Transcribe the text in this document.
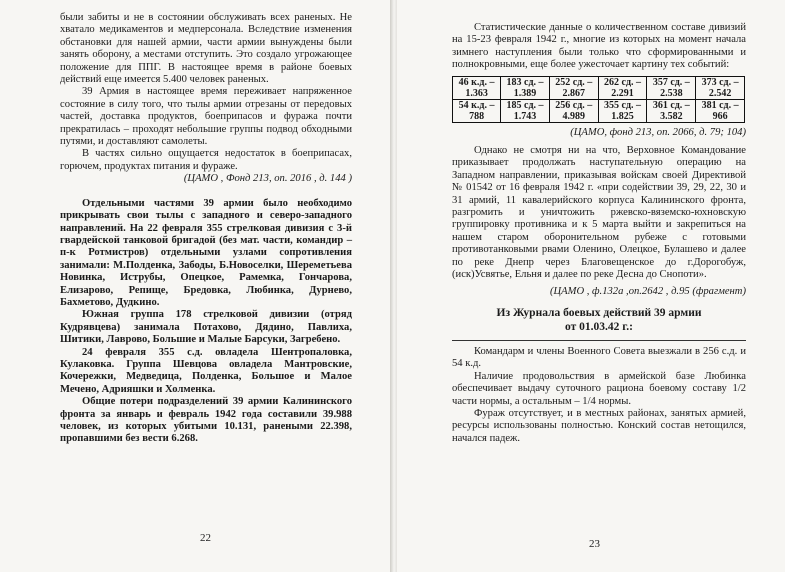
были забиты и не в состоянии обслуживать всех раненых. Не хватало медикаментов и медперсонала. Вследствие изменения обстановки для нашей армии, части армии вынуждены были занять оборону, а местами отступить. Это создало угрожающее положение для ППГ. В настоящее время в районе боевых действий еще имеется 5.400 человек раненых.

39 Армия в настоящее время переживает напряженное состояние в силу того, что тылы армии отрезаны от передовых частей, доставка продуктов, боеприпасов и фуража почти прекратилась – проходят небольшие группы подвод обходными путями, и доставляют самолеты.

В частях сильно ощущается недостаток в боеприпасах, горючем, продуктах питания и фураже.

(ЦАМО , Фонд 213, оп. 2016 , д. 144 )

Отдельными частями 39 армии было необходимо прикрывать свои тылы с западного и северо-западного направлений. На 22 февраля 355 стрелковая дивизия с 3-й гвардейской танковой бригадой (без мат. части, командир – п-к Ротмистров) отдельными узлами сопротивления занимали: М.Полденка, Забоды, Б.Новоселки, Шереметьева Новинка, Иструбы, Опецкое, Рамемка, Гончарова, Елизарово, Репище, Бредовка, Любинка, Дурнево, Бахметово, Дудкино.

Южная группа 178 стрелковой дивизии (отряд Кудрявцева) занимала Потахово, Дядино, Павлиха, Шитики, Лаврово, Большие и Малые Барсуки, Загребено.

24 февраля 355 с.д. овладела Шентропаловка, Кулаковка. Группа Шевцова овладела Мантровские, Кочережки, Медведица, Полденка, Большое и Малое Мечено, Адрияшки и Холменка.

Общие потери подразделений 39 армии Калининского фронта за январь и февраль 1942 года составили 39.988 человек, из которых убитыми 10.131, ранеными 22.398, пропавшими без вести 6.268.

22

Статистические данные о количественном составе дивизий на 15-23 февраля 1942 г., многие из которых на момент начала зимнего наступления были только что сформированными и полнокровными, еще более ужесточает картину тех событий:

46 к.д. – 1.363	183 сд. – 1.389	252 сд. – 2.867	262 сд. – 2.291	357 сд. – 2.538	373 сд. – 2.542
54 к.д. – 788	185 сд. – 1.743	256 сд. – 4.989	355 сд. – 1.825	361 сд. – 3.582	381 сд. – 966

(ЦАМО, фонд 213, оп. 2066, д. 79; 104)

Однако не смотря ни на что, Верховное Командование приказывает продолжать наступательную операцию на Западном направлении, приказывая войскам своей Директивой № 01542 от 16 февраля 1942 г. «при содействии 39, 29, 22, 30 и 31 армий, 11 кавалерийского корпуса Калининского фронта, разгромить и уничтожить ржевско-вяземско-юхновскую группировку противника и к 5 марта выйти и закрепиться на нашем старом оборонительном рубеже с готовыми противотанковыми рвами Оленино, Олецкое, Булашево и далее по реке Днепр через Благовещенское до г.Дорогобуж, (иск)Усвятье, Ельня и далее по реке Десна до Снопоти».

(ЦАМО , ф.132а ,оп.2642 , д.95 (фрагмент)

Из Журнала боевых действий 39 армии

от 01.03.42 г.:

Командарм и члены Военного Совета выезжали в 256 с.д. и 54 к.д.

Наличие продовольствия в армейской базе Любинка обеспечивает выдачу суточного рациона боевому составу 1/2 части нормы, а остальным – 1/4 нормы.

Фураж отсутствует, и в местных районах, занятых армией, ресурсы использованы полностью. Конский состав нетощился, начался падеж.

23
